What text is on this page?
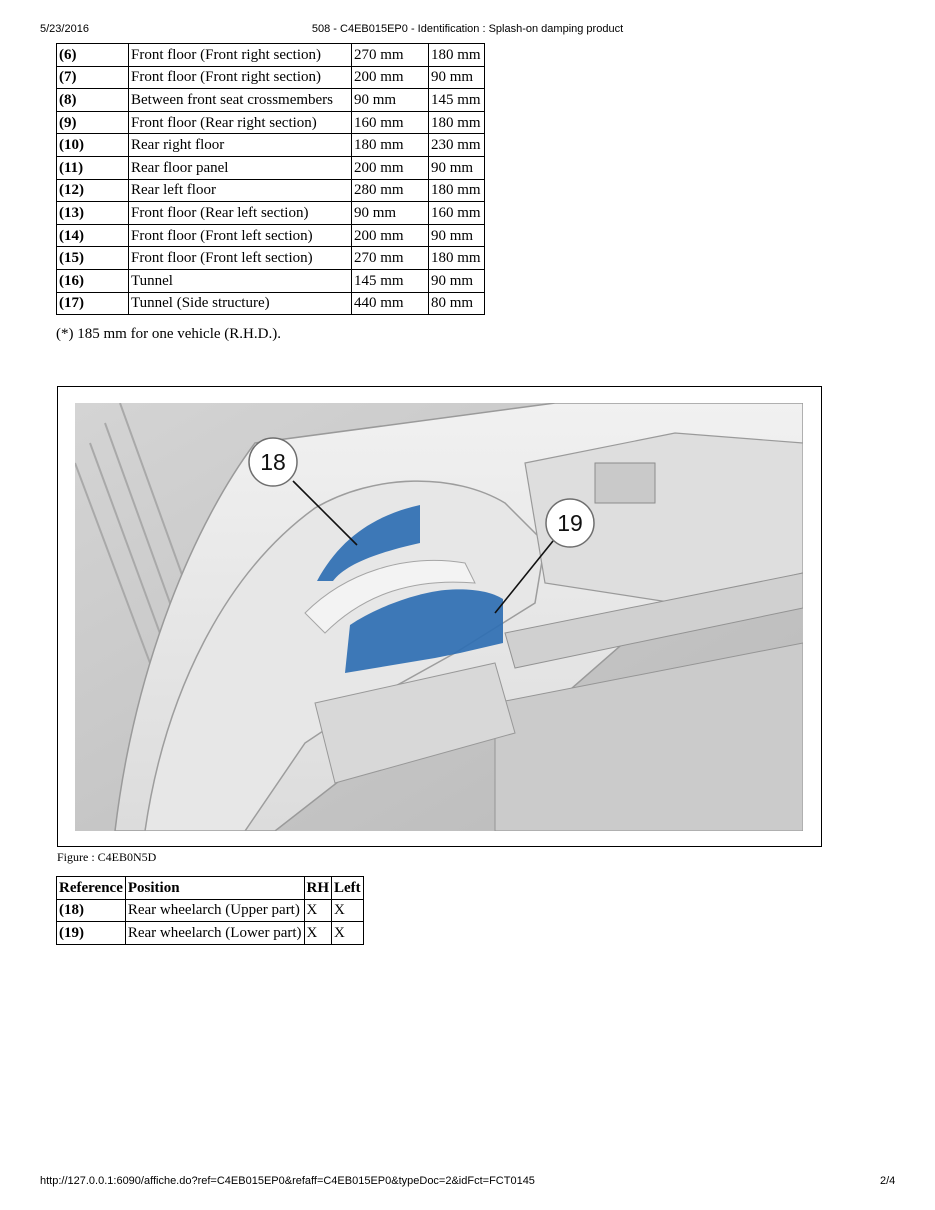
5/23/2016	508 - C4EB015EP0 - Identification : Splash-on damping product
(6)	Front floor (Front right section)	270 mm	180 mm
(7)	Front floor (Front right section)	200 mm	90 mm
(8)	Between front seat crossmembers	90 mm	145 mm
(9)	Front floor (Rear right section)	160 mm	180 mm
(10)	Rear right floor	180 mm	230 mm
(11)	Rear floor panel	200 mm	90 mm
(12)	Rear left floor	280 mm	180 mm
(13)	Front floor (Rear left section)	90 mm	160 mm
(14)	Front floor (Front left section)	200 mm	90 mm
(15)	Front floor (Front left section)	270 mm	180 mm
(16)	Tunnel	145 mm	90 mm
(17)	Tunnel (Side structure)	440 mm	80 mm
(*) 185 mm for one vehicle (R.H.D.).
18
19
Figure : C4EB0N5D
Reference	Position	RH	Left
(18)	Rear wheelarch (Upper part)	X	X
(19)	Rear wheelarch (Lower part)	X	X
http://127.0.0.1:6090/affiche.do?ref=C4EB015EP0&refaff=C4EB015EP0&typeDoc=2&idFct=FCT0145	2/4
